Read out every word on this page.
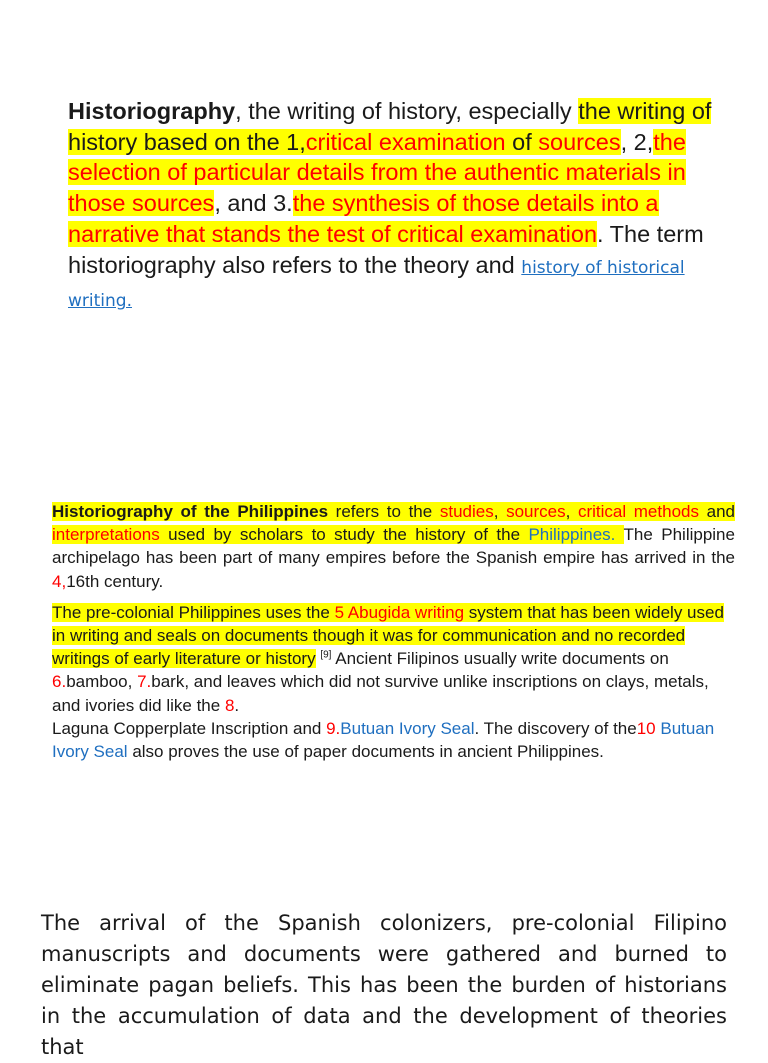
Historiography, the writing of history, especially the writing of history based on the 1,critical examination of sources, 2,the selection of particular details from the authentic materials in those sources, and 3.the synthesis of those details into a narrative that stands the test of critical examination. The term historiography also refers to the theory and history of historical writing.

Historiography of the Philippines refers to the studies, sources, critical methods and interpretations used by scholars to study the history of the Philippines. The Philippine archipelago has been part of many empires before the Spanish empire has arrived in the 4,16th century.

The pre-colonial Philippines uses the 5 Abugida writing system that has been widely used in writing and seals on documents though it was for communication and no recorded writings of early literature or history [9] Ancient Filipinos usually write documents on 6.bamboo, 7.bark, and leaves which did not survive unlike inscriptions on clays, metals, and ivories did like the 8.
Laguna Copperplate Inscription and 9.Butuan Ivory Seal. The discovery of the10 Butuan Ivory Seal also proves the use of paper documents in ancient Philippines.

The arrival of the Spanish colonizers, pre-colonial Filipino manuscripts and documents were gathered and burned to eliminate pagan beliefs. This has been the burden of historians in the accumulation of data and the development of theories that
